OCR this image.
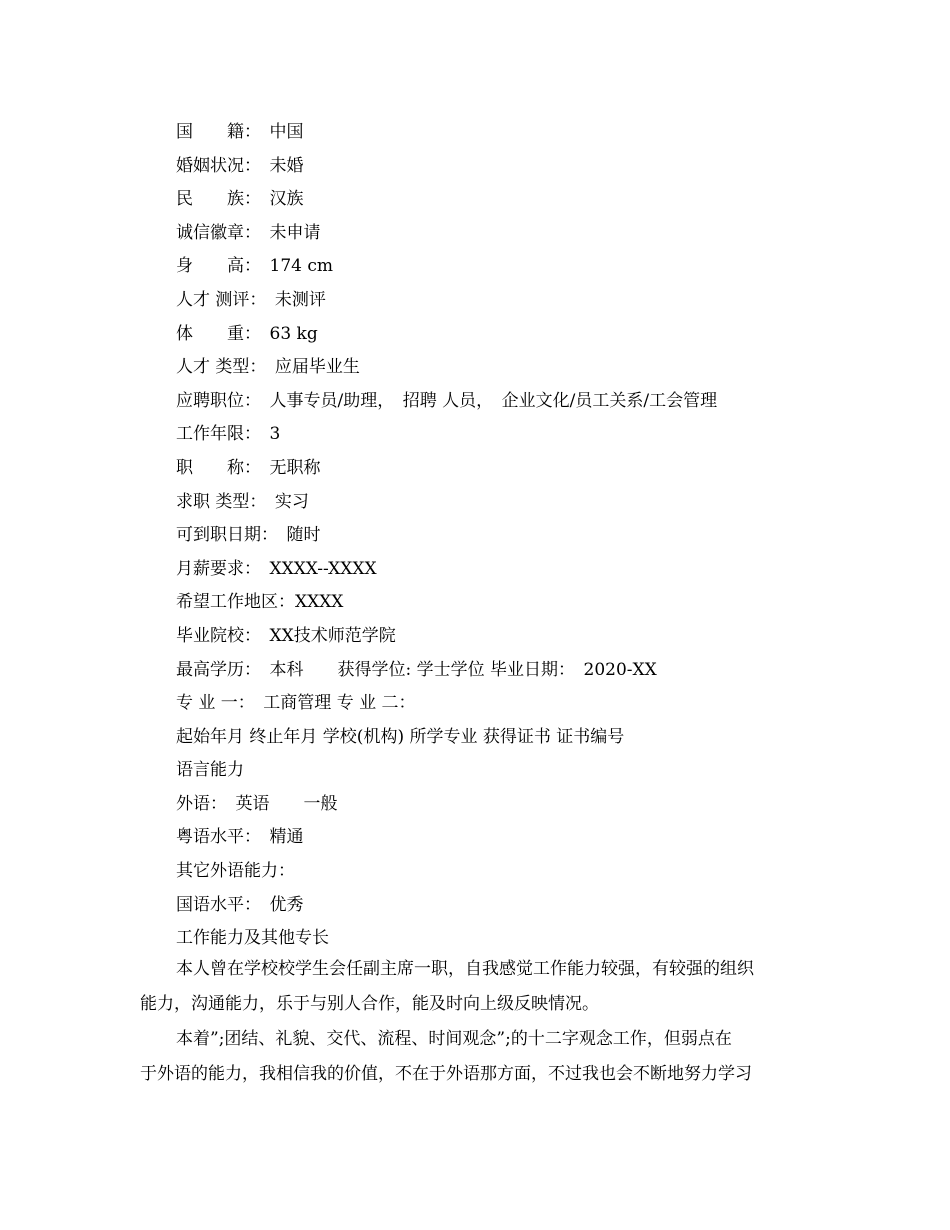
国　　籍：　中国
婚姻状况：　未婚
民　　族：　汉族
诚信徽章：　未申请
身　　高：　174 cm
人才 测评：　未测评
体　　重：　63 kg
人才 类型：　应届毕业生
应聘职位：　人事专员/助理，　招聘 人员，　企业文化/员工关系/工会管理
工作年限：　3
职　　称：　无职称
求职 类型：　实习
可到职日期：　随时
月薪要求：　XXXX--XXXX
希望工作地区：XXXX
毕业院校：　XX技术师范学院
最高学历：　本科　　获得学位: 学士学位 毕业日期：　2020-XX
专 业 一：　工商管理 专 业 二：
起始年月 终止年月 学校(机构) 所学专业 获得证书 证书编号
语言能力
外语：　英语　　一般
粤语水平：　精通
其它外语能力：
国语水平：　优秀
工作能力及其他专长
本人曾在学校校学生会任副主席一职，自我感觉工作能力较强，有较强的组织
能力，沟通能力，乐于与别人合作，能及时向上级反映情况。
本着”;团结、礼貌、交代、流程、时间观念”;的十二字观念工作，但弱点在
于外语的能力，我相信我的价值，不在于外语那方面，不过我也会不断地努力学习
